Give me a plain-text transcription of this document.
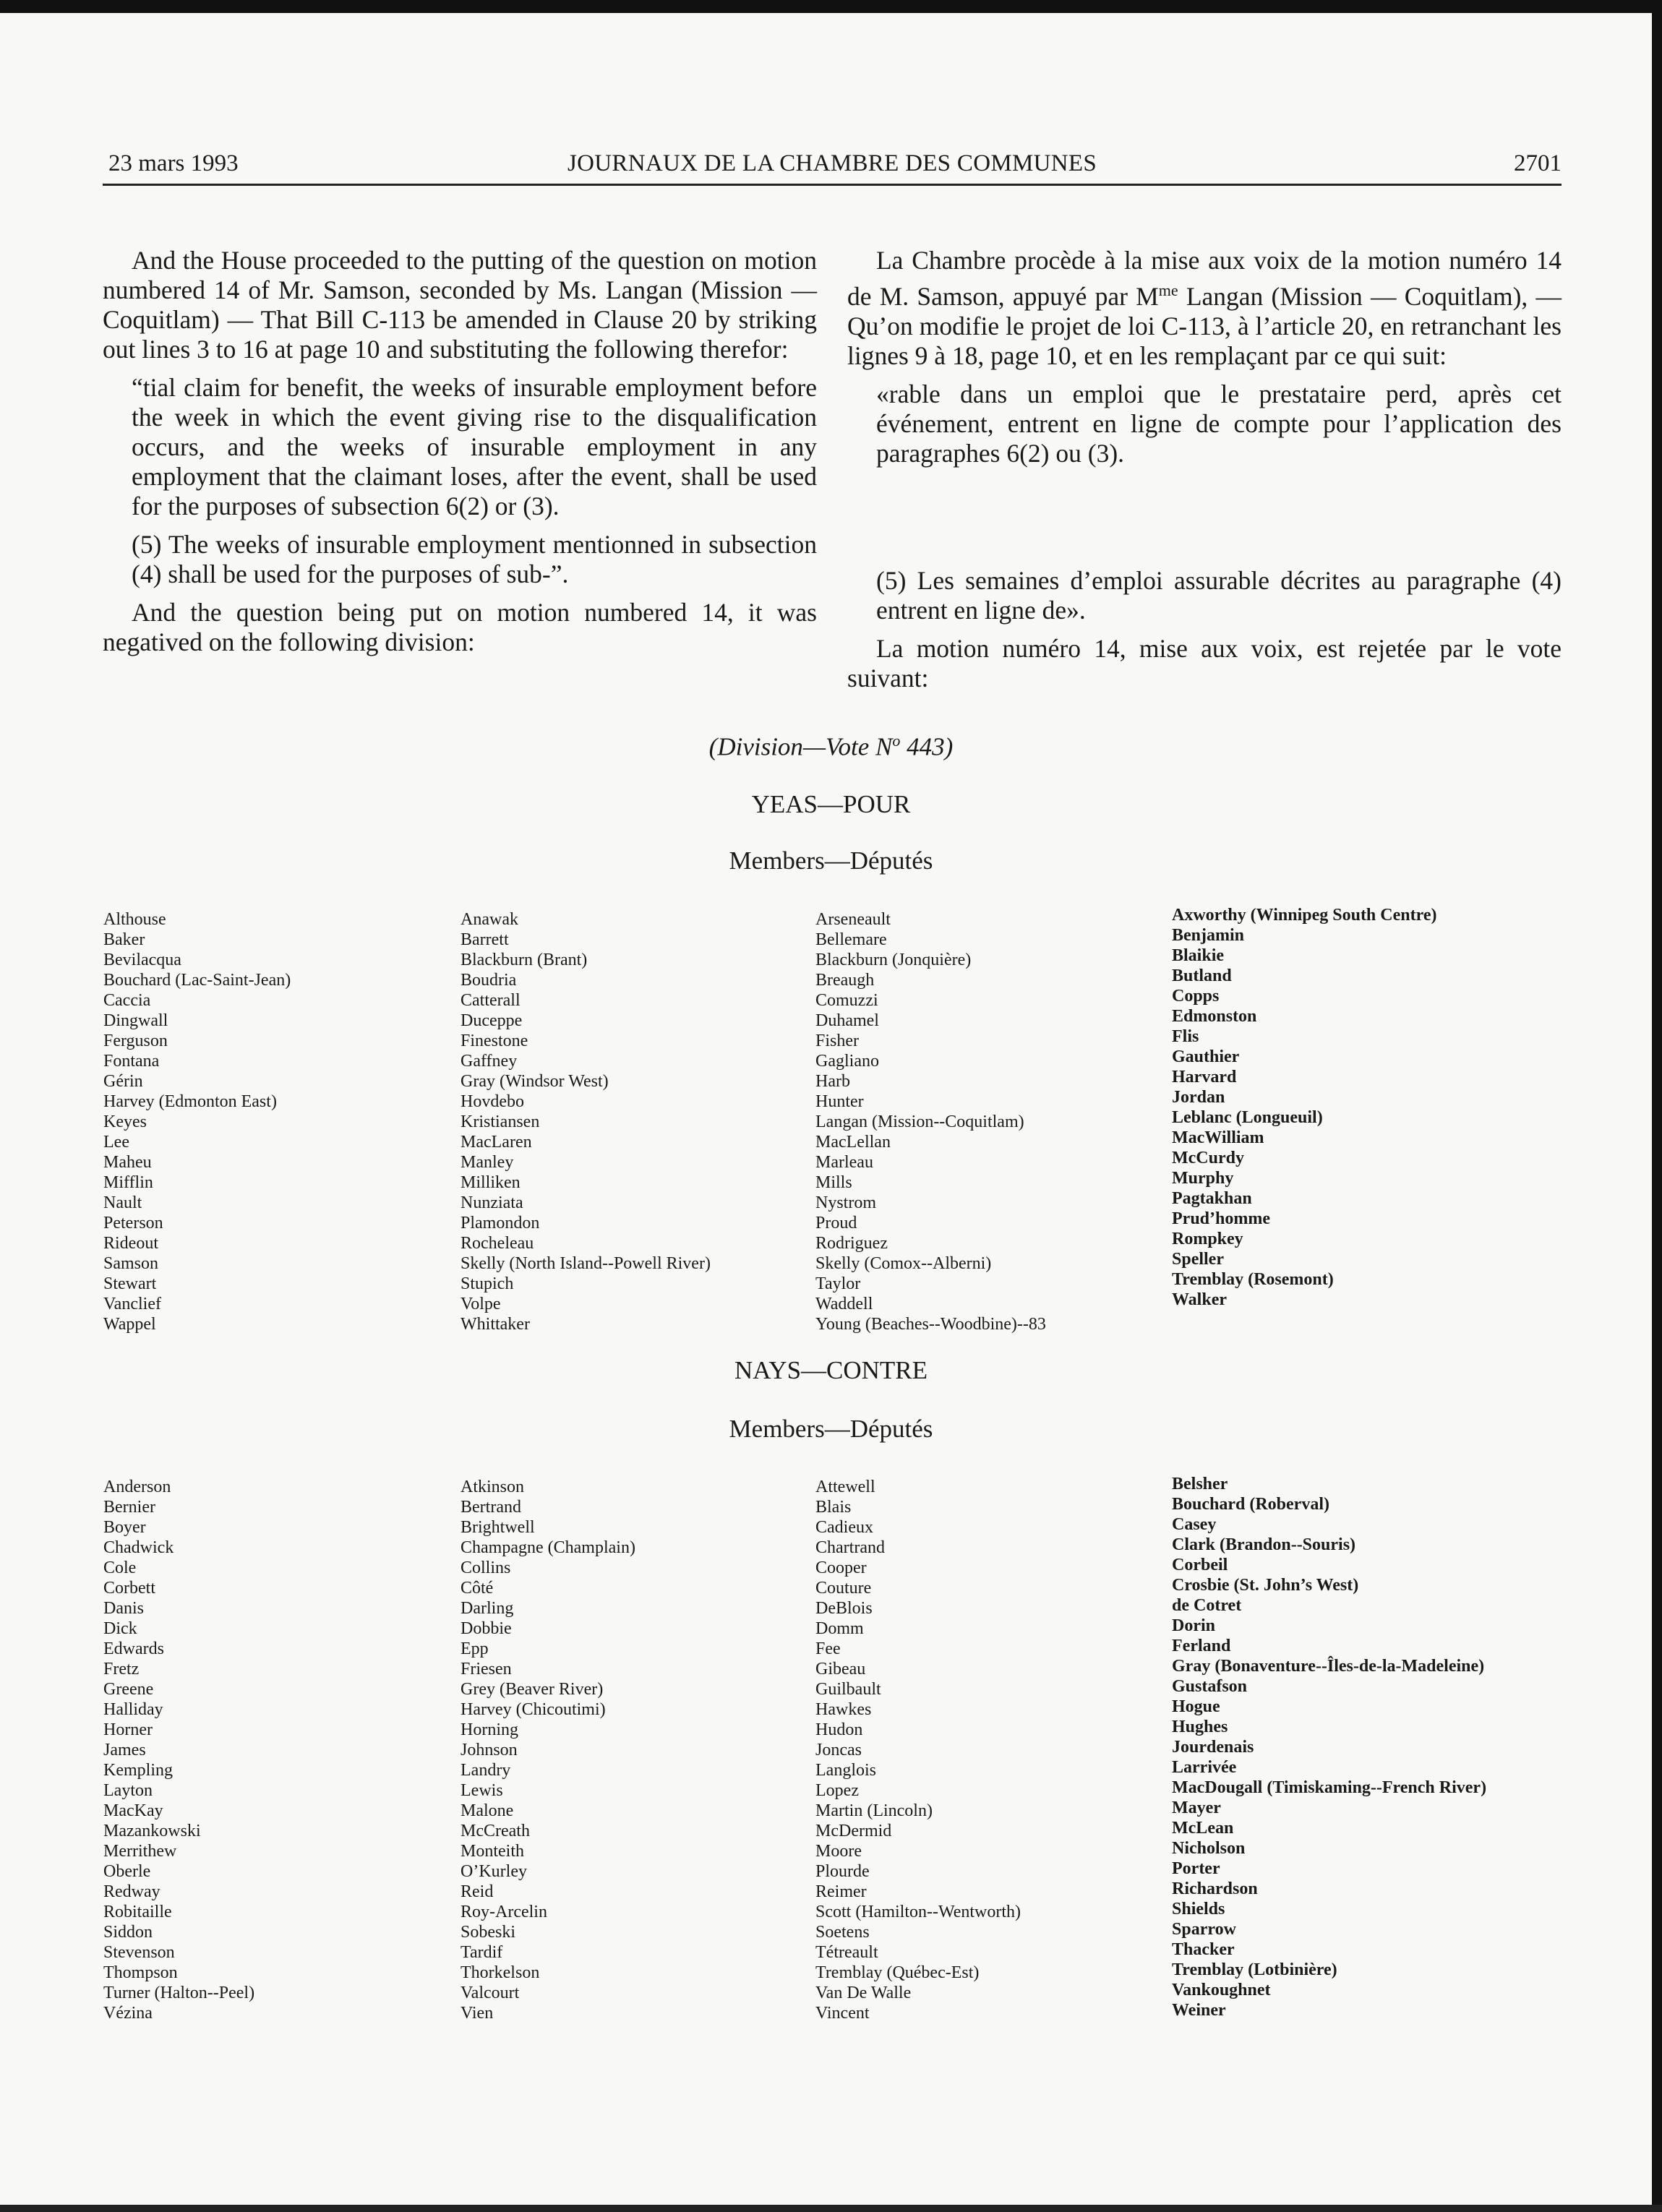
23 mars 1993	JOURNAUX DE LA CHAMBRE DES COMMUNES	2701

And the House proceeded to the putting of the question on motion numbered 14 of Mr. Samson, seconded by Ms. Langan (Mission — Coquitlam) — That Bill C-113 be amended in Clause 20 by striking out lines 3 to 16 at page 10 and substituting the following therefor:

“tial claim for benefit, the weeks of insurable employment before the week in which the event giving rise to the disqualification occurs, and the weeks of insurable employment in any employment that the claimant loses, after the event, shall be used for the purposes of subsection 6(2) or (3).

(5) The weeks of insurable employment mentionned in subsection (4) shall be used for the purposes of sub-”.

And the question being put on motion numbered 14, it was negatived on the following division:

La Chambre procède à la mise aux voix de la motion numéro 14 de M. Samson, appuyé par $M^{me}$ Langan (Mission — Coquitlam), — Qu’on modifie le projet de loi C-113, à l’article 20, en retranchant les lignes 9 à 18, page 10, et en les remplaçant par ce qui suit:

«rable dans un emploi que le prestataire perd, après cet événement, entrent en ligne de compte pour l’application des paragraphes 6(2) ou (3).

(5) Les semaines d’emploi assurable décrites au paragraphe (4) entrent en ligne de».

La motion numéro 14, mise aux voix, est rejetée par le vote suivant:

(Division—Vote $N^o$ 443)
YEAS—POUR
Members—Députés
Althouse
Baker
Bevilacqua
Bouchard (Lac-Saint-Jean)
Caccia
Dingwall
Ferguson
Fontana
Gérin
Harvey (Edmonton East)
Keyes
Lee
Maheu
Mifflin
Nault
Peterson
Rideout
Samson
Stewart
Vanclief
Wappel
Anawak
Barrett
Blackburn (Brant)
Boudria
Catterall
Duceppe
Finestone
Gaffney
Gray (Windsor West)
Hovdebo
Kristiansen
MacLaren
Manley
Milliken
Nunziata
Plamondon
Rocheleau
Skelly (North Island--Powell River)
Stupich
Volpe
Whittaker
Arseneault
Bellemare
Blackburn (Jonquière)
Breaugh
Comuzzi
Duhamel
Fisher
Gagliano
Harb
Hunter
Langan (Mission--Coquitlam)
MacLellan
Marleau
Mills
Nystrom
Proud
Rodriguez
Skelly (Comox--Alberni)
Taylor
Waddell
Young (Beaches--Woodbine)--83
Axworthy (Winnipeg South Centre)
Benjamin
Blaikie
Butland
Copps
Edmonston
Flis
Gauthier
Harvard
Jordan
Leblanc (Longueuil)
MacWilliam
McCurdy
Murphy
Pagtakhan
Prud’homme
Rompkey
Speller
Tremblay (Rosemont)
Walker
NAYS—CONTRE
Members—Députés
Anderson
Bernier
Boyer
Chadwick
Cole
Corbett
Danis
Dick
Edwards
Fretz
Greene
Halliday
Horner
James
Kempling
Layton
MacKay
Mazankowski
Merrithew
Oberle
Redway
Robitaille
Siddon
Stevenson
Thompson
Turner (Halton--Peel)
Vézina
Atkinson
Bertrand
Brightwell
Champagne (Champlain)
Collins
Côté
Darling
Dobbie
Epp
Friesen
Grey (Beaver River)
Harvey (Chicoutimi)
Horning
Johnson
Landry
Lewis
Malone
McCreath
Monteith
O’Kurley
Reid
Roy-Arcelin
Sobeski
Tardif
Thorkelson
Valcourt
Vien
Attewell
Blais
Cadieux
Chartrand
Cooper
Couture
DeBlois
Domm
Fee
Gibeau
Guilbault
Hawkes
Hudon
Joncas
Langlois
Lopez
Martin (Lincoln)
McDermid
Moore
Plourde
Reimer
Scott (Hamilton--Wentworth)
Soetens
Tétreault
Tremblay (Québec-Est)
Van De Walle
Vincent
Belsher
Bouchard (Roberval)
Casey
Clark (Brandon--Souris)
Corbeil
Crosbie (St. John’s West)
de Cotret
Dorin
Ferland
Gray (Bonaventure--Îles-de-la-Madeleine)
Gustafson
Hogue
Hughes
Jourdenais
Larrivée
MacDougall (Timiskaming--French River)
Mayer
McLean
Nicholson
Porter
Richardson
Shields
Sparrow
Thacker
Tremblay (Lotbinière)
Vankoughnet
Weiner
